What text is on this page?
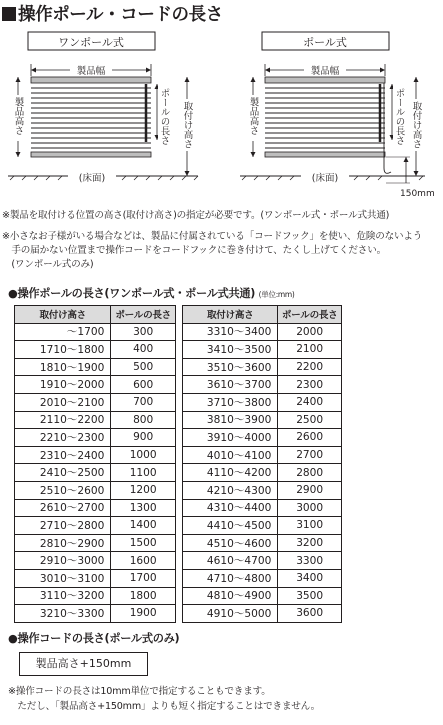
操作ポール・コードの長さ
ワンポール式
製品幅
ポールの長さ
製品高さ	取付け高さ
(床面)
ポール式
製品幅
ポールの長さ
製品高さ	取付け高さ
150mm
(床面)
※製品を取付ける位置の高さ(取付け高さ)の指定が必要です。(ワンポール式・ポール式共通)
※小さなお子様がいる場合などは、製品に付属されている「コードフック」を使い、危険のないよう
　手の届かない位置まで操作コードをコードフックに巻き付けて、たくし上げてください。
　(ワンポール式のみ)
●操作ポールの長さ(ワンポール式・ポール式共通) (単位:mm)
取付け高さ	ポールの長さ
～1700	300
1710～1800	400
1810～1900	500
1910～2000	600
2010～2100	700
2110～2200	800
2210～2300	900
2310～2400	1000
2410～2500	1100
2510～2600	1200
2610～2700	1300
2710～2800	1400
2810～2900	1500
2910～3000	1600
3010～3100	1700
3110～3200	1800
3210～3300	1900
取付け高さ	ポールの長さ
3310～3400	2000
3410～3500	2100
3510～3600	2200
3610～3700	2300
3710～3800	2400
3810～3900	2500
3910～4000	2600
4010～4100	2700
4110～4200	2800
4210～4300	2900
4310～4400	3000
4410～4500	3100
4510～4600	3200
4610～4700	3300
4710～4800	3400
4810～4900	3500
4910～5000	3600
●操作コードの長さ(ポール式のみ)
製品高さ+150mm
※操作コードの長さは10mm単位で指定することもできます。
　ただし、「製品高さ+150mm」よりも短く指定することはできません。
